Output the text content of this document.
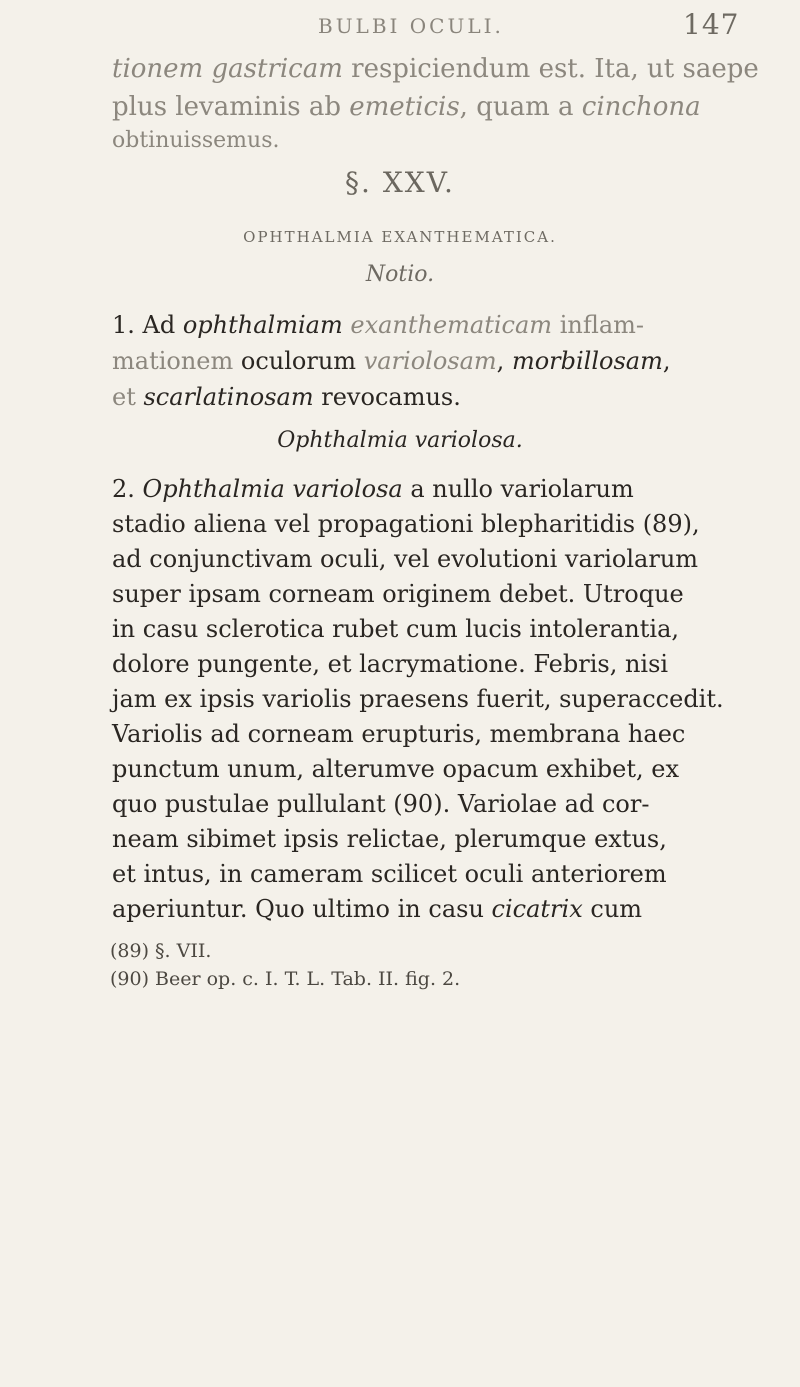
BULBI OCULI.	147
tionem gastricam respiciendum est. Ita, ut saepe
plus levaminis ab emeticis, quam a cinchona
obtinuissemus.
§. XXV.
OPHTHALMIA EXANTHEMATICA.
Notio.
1. Ad ophthalmiam exanthematicam inflam-
mationem oculorum variolosam, morbillosam,
et scarlatinosam revocamus.
Ophthalmia variolosa.
2. Ophthalmia variolosa a nullo variolarum
stadio aliena vel propagationi blepharitidis (89),
ad conjunctivam oculi, vel evolutioni variolarum
super ipsam corneam originem debet. Utroque
in casu sclerotica rubet cum lucis intolerantia,
dolore pungente, et lacrymatione. Febris, nisi
jam ex ipsis variolis praesens fuerit, superaccedit.
Variolis ad corneam erupturis, membrana haec
punctum unum, alterumve opacum exhibet, ex
quo pustulae pullulant (90). Variolae ad cor-
neam sibimet ipsis relictae, plerumque extus,
et intus, in cameram scilicet oculi anteriorem
aperiuntur. Quo ultimo in casu cicatrix cum
(89) §. VII.
(90) Beer op. c. I. T. L. Tab. II. fig. 2.
